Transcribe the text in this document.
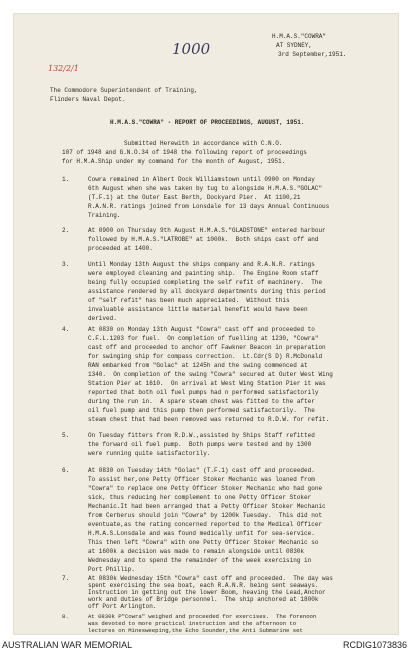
1000
132/2/1
H.M.A.S."COWRA"
AT SYDNEY,
3rd September,1951.
The Commodore Superintendent of Training,
Flinders Naval Depot.
H.M.A.S."COWRA" - REPORT OF PROCEEDINGS, AUGUST, 1951.
Submitted Herewith in accordance with C.N.O.
107 of 1948 and G.N.O.34 of 1948 the following report of proceedings
for H.M.A.Ship under my command for the month of August, 1951.
1.	Cowra remained in Albert Dock Williamstown until 0900 on Monday
6th August when she was taken by tug to alongside H.M.A.S."GOLAC"
(T.F.1) at the Outer East Berth, Dockyard Pier.  At 1100,21
R.A.N.R. ratings joined from Lonsdale for 13 days Annual Continuous
Training.
2.	At 0900 on Thursday 9th August H.M.A.S."GLADSTONE" entered harbour
followed by H.M.A.S."LATROBE" at 1000k.  Both ships cast off and
proceeded at 1400.
3.	Until Monday 13th August the ships company and R.A.N.R. ratings
were employed cleaning and painting ship.  The Engine Room staff
being fully occupied completing the self refit of machinery.  The
assistance rendered by all dockyard departments during this period
of "self refit" has been much appreciated.  Without this
invaluable assistance little material benefit would have been
derived.
4.	At 0830 on Monday 13th August "Cowra" cast off and proceeded to
C.F.L.1203 for fuel.  On completion of fuelling at 1230, "Cowra"
cast off and proceeded to anchor off Fawkner Beacon in preparation
for swinging ship for compass correction.  Lt.Cdr(S D) R.McDonald
RAN embarked from "Golac" at 1245h and the swing commenced at
1340.  On completion of the swing "Cowra" secured at Outer West Wing
Station Pier at 1610.  On arrival at West Wing Station Pier it was
reported that both oil fuel pumps had n performed satisfactorily
during the run in.  A spare steam chest was fitted to the after
oil fuel pump and this pump then performed satisfactorily.  The
steam chest that had been removed was returned to R.D.W. for refit.
5.	On Tuesday fitters from R.D.W.,assisted by Ships Staff refitted
the forward oil fuel pump.  Both pumps were tested and by 1300
were running quite satisfactorily.
6.	At 0830 on Tuesday 14th "Golac" (T.F.1) cast off and proceeded.
To assist her,one Petty Officer Stoker Mechanic was loaned from
"Cowra" to replace one Petty Officer Stoker Mechanic who had gone
sick, thus reducing her complement to one Petty Officer Stoker
Mechanic.It had been arranged that a Petty Officer Stoker Mechanic
from Cerberus should join "Cowra" by 1200k Tuesday.  This did not
eventuate,as the rating concerned reported to the Medical Officer
H.M.A.S.Lonsdale and was found medically unfit for sea-service.
This then left "Cowra" with one Petty Officer Stoker Mechanic so
at 1600k a decision was made to remain alongside until 0830k
Wednesday and to spend the remainder of the week exercising in
Port Phillip.
7.	At 0830k Wednesday 15th "Cowra" cast off and proceeded.  The day was
spent exercising the sea boat, each R.A.N.R. being sent seaways.
Instruction in getting out the lower Boom, heaving the Lead,Anchor
work and duties of Bridge personnel.  The ship anchored at 1800k
off Port Arlington.
8.	At 0830k P"Cowra" weighed and proceeded for exercises.  The forenoon
was devoted to more practical instruction and the afternoon to
lectures on Minesweeping,the Echo Sounder,the Anti Submarine set
AUSTRALIAN WAR MEMORIAL	RCDIG1073836
